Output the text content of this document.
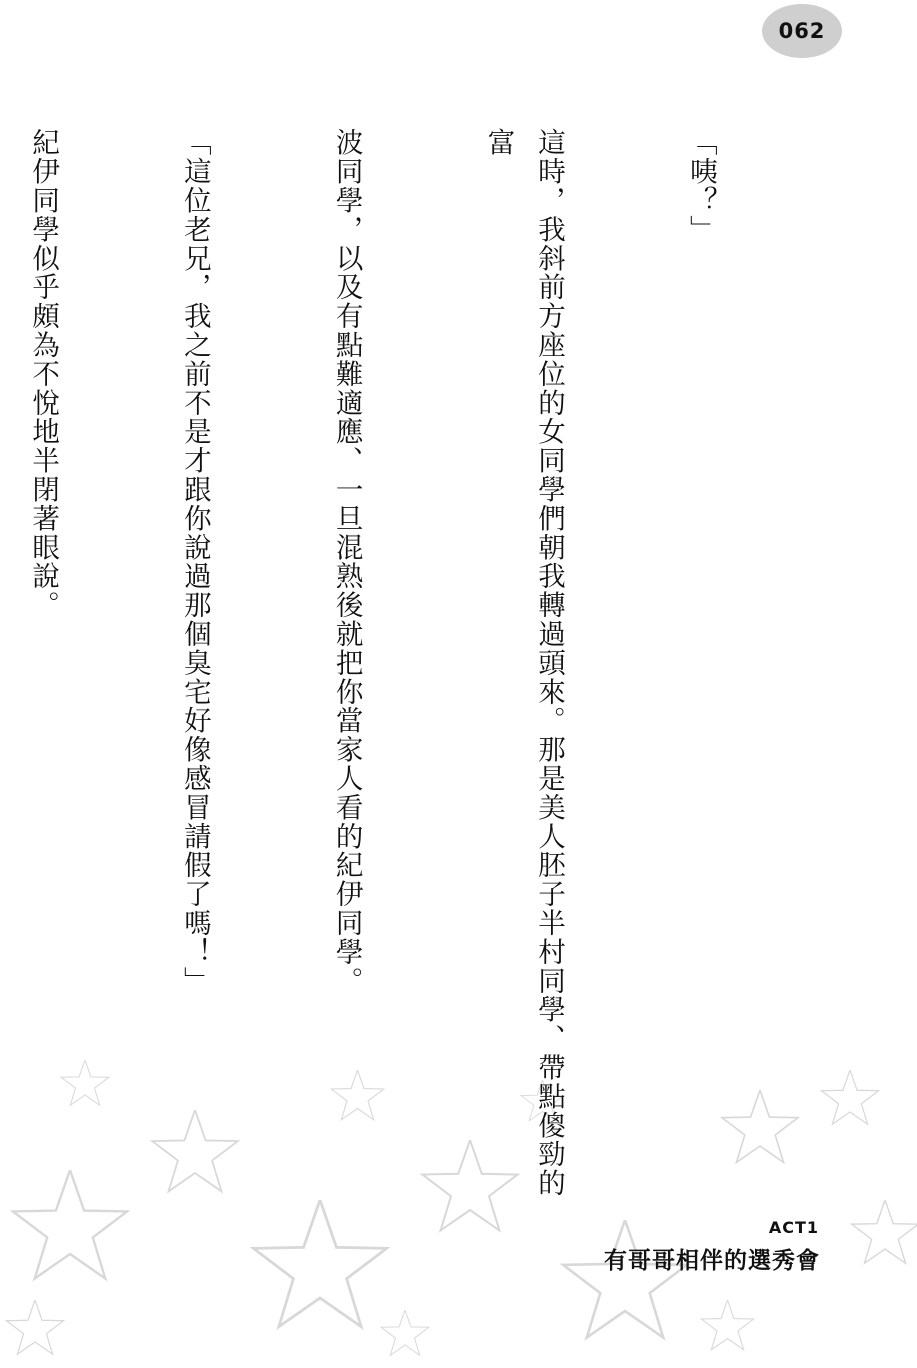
062

「咦？」

這時，我斜前方座位的女同學們朝我轉過頭來。那是美人胚子半村同學、帶點傻勁的富

波同學，以及有點難適應、一旦混熟後就把你當家人看的紀伊同學。

「這位老兄，我之前不是才跟你說過那個臭宅好像感冒請假了嗎！」

紀伊同學似乎頗為不悅地半閉著眼說。

ACT1
有哥哥相伴的選秀會
